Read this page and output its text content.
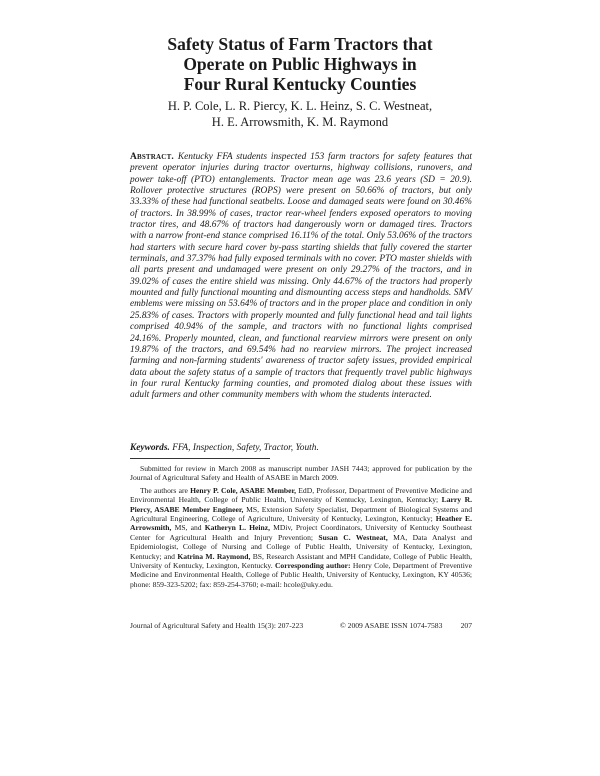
Safety Status of Farm Tractors that
Operate on Public Highways in
Four Rural Kentucky Counties
H. P. Cole, L. R. Piercy, K. L. Heinz, S. C. Westneat,
H. E. Arrowsmith, K. M. Raymond
Abstract. Kentucky FFA students inspected 153 farm tractors for safety features that prevent operator injuries during tractor overturns, highway collisions, runovers, and power take-off (PTO) entanglements. Tractor mean age was 23.6 years (SD = 20.9). Rollover protective structures (ROPS) were present on 50.66% of tractors, but only 33.33% of these had functional seatbelts. Loose and damaged seats were found on 30.46% of tractors. In 38.99% of cases, tractor rear-wheel fenders exposed operators to moving tractor tires, and 48.67% of tractors had dangerously worn or damaged tires. Tractors with a narrow front-end stance comprised 16.11% of the total. Only 53.06% of the tractors had starters with secure hard cover by-pass starting shields that fully covered the starter terminals, and 37.37% had fully exposed terminals with no cover. PTO master shields with all parts present and undamaged were present on only 29.27% of the tractors, and in 39.02% of cases the entire shield was missing. Only 44.67% of the tractors had properly mounted and fully functional mounting and dismounting access steps and handholds. SMV emblems were missing on 53.64% of tractors and in the proper place and condition in only 25.83% of cases. Tractors with properly mounted and fully functional head and tail lights comprised 40.94% of the sample, and tractors with no functional lights comprised 24.16%. Properly mounted, clean, and functional rearview mirrors were present on only 19.87% of the tractors, and 69.54% had no rearview mirrors. The project increased farming and non-farming students' awareness of tractor safety issues, provided empirical data about the safety status of a sample of tractors that frequently travel public highways in four rural Kentucky farming counties, and promoted dialog about these issues with adult farmers and other community members with whom the students interacted.
Keywords. FFA, Inspection, Safety, Tractor, Youth.

Submitted for review in March 2008 as manuscript number JASH 7443; approved for publication by the Journal of Agricultural Safety and Health of ASABE in March 2009.

The authors are Henry P. Cole, ASABE Member, EdD, Professor, Department of Preventive Medicine and Environmental Health, College of Public Health, University of Kentucky, Lexington, Kentucky; Larry R. Piercy, ASABE Member Engineer, MS, Extension Safety Specialist, Department of Biological Systems and Agricultural Engineering, College of Agriculture, University of Kentucky, Lexington, Kentucky; Heather E. Arrowsmith, MS, and Katheryn L. Heinz, MDiv, Project Coordinators, University of Kentucky Southeast Center for Agricultural Health and Injury Prevention; Susan C. Westneat, MA, Data Analyst and Epidemiologist, College of Nursing and College of Public Health, University of Kentucky, Lexington, Kentucky; and Katrina M. Raymond, BS, Research Assistant and MPH Candidate, College of Public Health, University of Kentucky, Lexington, Kentucky. Corresponding author: Henry Cole, Department of Preventive Medicine and Environmental Health, College of Public Health, University of Kentucky, Lexington, KY 40536; phone: 859-323-5202; fax: 859-254-3760; e-mail: hcole@uky.edu.

Journal of Agricultural Safety and Health 15(3): 207-223	© 2009 ASABE ISSN 1074-7583 207
